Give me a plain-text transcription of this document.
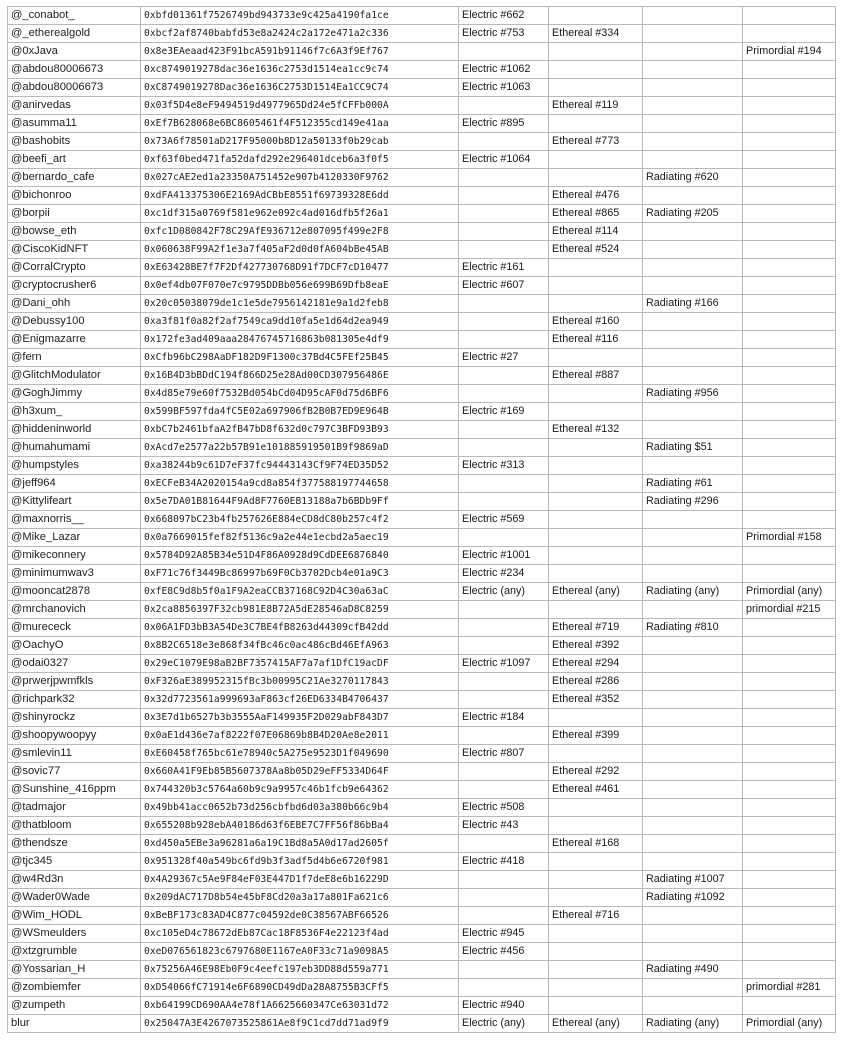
@_conabot_	0xbfd01361f7526749bd943733e9c425a4190fa1ce	Electric #662			
@_etherealgold	0xbcf2af8740babfd53e8a2424c2a172e471a2c336	Electric #753	Ethereal #334		
@0xJava	0x8e3EAeaad423F91bcA591b91146f7c6A3f9Ef767				Primordial #194
@abdou80006673	0xc8749019278dac36e1636c2753d1514ea1cc9c74	Electric #1062			
@abdou80006673	0xC8749019278Dac36e1636C2753D1514Ea1CC9C74	Electric #1063			
@anirvedas	0x03f5D4e8eF9494519d4977965Dd24e5fCFFb000A		Ethereal #119		
@asumma11	0xEf7B628068e6BC8605461f4F512355cd149e41aa	Electric #895			
@bashobits	0x73A6f78501aD217F95000b8D12a50133f0b29cab		Ethereal #773		
@beefi_art	0xf63f0bed471fa52dafd292e296401dceb6a3f0f5	Electric #1064			
@bernardo_cafe	0x027cAE2ed1a23350A751452e907b4120330F9762			Radiating #620	
@bichonroo	0xdFA413375306E2169AdCBbE8551f69739328E6dd		Ethereal #476		
@borpii	0xc1df315a0769f581e962e092c4ad016dfb5f26a1		Ethereal #865	Radiating #205	
@bowse_eth	0xfc1D080842F78C29AfE936712e807095f499e2F8		Ethereal #114		
@CiscoKidNFT	0x060638F99A2f1e3a7f405aF2d0d0fA604bBe45AB		Ethereal #524		
@CorralCrypto	0xE63428BE7f7F2Df427730768D91f7DCF7cD10477	Electric #161			
@cryptocrusher6	0x0ef4db07F070e7c9795DDBb056e699B69Dfb8eaE	Electric #607			
@Dani_ohh	0x20c05038079de1c1e5de7956142181e9a1d2feb8			Radiating #166	
@Debussy100	0xa3f81f0a82f2af7549ca9dd10fa5e1d64d2ea949		Ethereal #160		
@Enigmazarre	0x172fe3ad409aaa28476745716863b081305e4df9		Ethereal #116		
@fern	0xCfb96bC298AaDF182D9F1300c37Bd4C5FEf25B45	Electric #27			
@GlitchModulator	0x16B4D3bBDdC194f866D25e28Ad00CD307956486E		Ethereal #887		
@GoghJimmy	0x4d85e79e60f7532Bd054bCd04D95cAF0d75d6BF6			Radiating #956	
@h3xum_	0x599BF597fda4fC5E02a697906fB2B0B7ED9E964B	Electric #169			
@hiddeninworld	0xbC7b2461bfaA2fB47bD8f632d0c797C3BFD93B93		Ethereal #132		
@humahumami	0xAcd7e2577a22b57B91e101885919501B9f9869aD			Radiating $51	
@humpstyles	0xa38244b9c61D7eF37fc94443143Cf9F74ED35D52	Electric #313			
@jeff964	0xECFeB34A2020154a9cd8a854f377588197744658			Radiating #61	
@Kittylifeart	0x5e7DA01B81644F9Ad8F7760EB13188a7b6BDb9Ff			Radiating #296	
@maxnorris__	0x668097bC23b4fb257626E884eCD8dC80b257c4f2	Electric #569			
@Mike_Lazar	0x0a7669015fef82f5136c9a2e44e1ecbd2a5aec19				Primordial #158
@mikeconnery	0x5784D92A85B34e51D4F86A0928d9CdDEE6876840	Electric #1001			
@minimumwav3	0xF71c76f3449Bc86997b69F0Cb3702Dcb4e01a9C3	Electric #234			
@mooncat2878	0xfE8C9d8b5f0a1F9A2eaCCB37168C92D4C30a63aC	Electric (any)	Ethereal (any)	Radiating (any)	Primordial (any)
@mrchanovich	0x2ca8856397F32cb981E8B72A5dE28546aD8C8259				primordial #215
@murececk	0x06A1FD3bB3A54De3C7BE4fB8263d44309cfB42dd		Ethereal #719	Radiating #810	
@OachyO	0x8B2C6518e3e868f34fBc46c0ac486cBd46EfA963		Ethereal #392		
@odai0327	0x29eC1079E98aB2BF7357415AF7a7af1DfC19acDF	Electric #1097	Ethereal #294		
@prwerjpwmfkls	0xF326aE389952315fBc3b00995C21Ae3270117843		Ethereal #286		
@richpark32	0x32d7723561a999693aF863cf26ED6334B4706437		Ethereal #352		
@shinyrockz	0x3E7d1b6527b3b3555AaF149935F2D029abF843D7	Electric #184			
@shoopywoopyy	0x0aE1d436e7af8222f07E06869b8B4D20Ae8e2011		Ethereal #399		
@smlevin11	0xE60458f765bc61e78940c5A275e9523D1f049690	Electric #807			
@sovic77	0x660A41F9Eb85B5607378Aa8b05D29eFF5334D64F		Ethereal #292		
@Sunshine_416ppm	0x744320b3c5764a60b9c9a9957c46b1fcb9e64362		Ethereal #461		
@tadmajor	0x49bb41acc0652b73d256cbfbd6d03a380b66c9b4	Electric #508			
@thatbloom	0x655208b928ebA40186d63f6EBE7C7FF56f86bBa4	Electric #43			
@thendsze	0xd450a5EBe3a96281a6a19C1Bd8a5A0d17ad2605f		Ethereal #168		
@tjc345	0x951328f40a549bc6fd9b3f3adf5d4b6e6720f981	Electric #418			
@w4Rd3n	0x4A29367c5Ae9F84eF03E447D1f7deE8e6b16229D			Radiating #1007	
@Wader0Wade	0x209dAC717D8b54e45bF8Cd20a3a17a801Fa621c6			Radiating #1092	
@Wim_HODL	0xBeBF173c83AD4C877c04592de0C38567ABF66526		Ethereal #716		
@WSmeulders	0xc105eD4c78672dEb87Cac18F8536F4e22123f4ad	Electric #945			
@xtzgrumble	0xeD076561823c6797680E1167eA0F33c71a9098A5	Electric #456			
@Yossarian_H	0x75256A46E98Eb0F9c4eefc197eb3DD88d559a771			Radiating #490	
@zombiemfer	0xD54066fC71914e6F6890CD49dDa28A8755B3CFf5				primordial #281
@zumpeth	0xb64199CD690AA4e78f1A6625660347Ce63031d72	Electric #940			
blur	0x25047A3E4267073525861Ae8f9C1cd7dd71ad9f9	Electric (any)	Ethereal (any)	Radiating (any)	Primordial (any)
